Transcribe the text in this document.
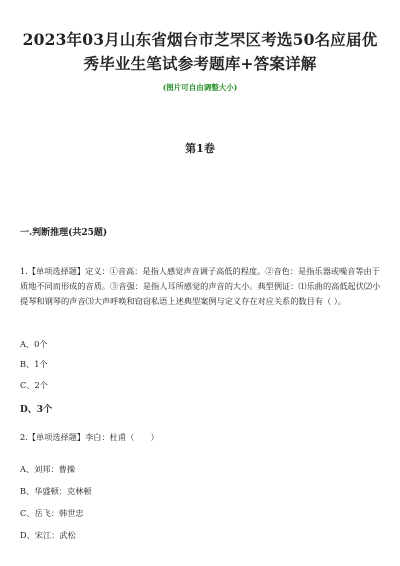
2023年03月山东省烟台市芝罘区考选50名应届优秀毕业生笔试参考题库+答案详解
(图片可自由调整大小)
第1卷
一.判断推理(共25题)
1.【单项选择题】定义：①音高：是指人感觉声音调子高低的程度。②音色：是指乐器或噪音等由于质地不同而形成的音质。③音强：是指人耳所感觉的声音的大小。典型例证：⑴乐曲的高低起伏⑵小提琴和钢琴的声音⑶大声呼唤和窃窃私语上述典型案例与定义存在对应关系的数目有（ ）。
A、0个
B、1个
C、2个
D、3个
2.【单项选择题】李白：杜甫（　　）
A、刘邦：曹操
B、华盛顿：克林顿
C、岳飞：韩世忠
D、宋江：武松
